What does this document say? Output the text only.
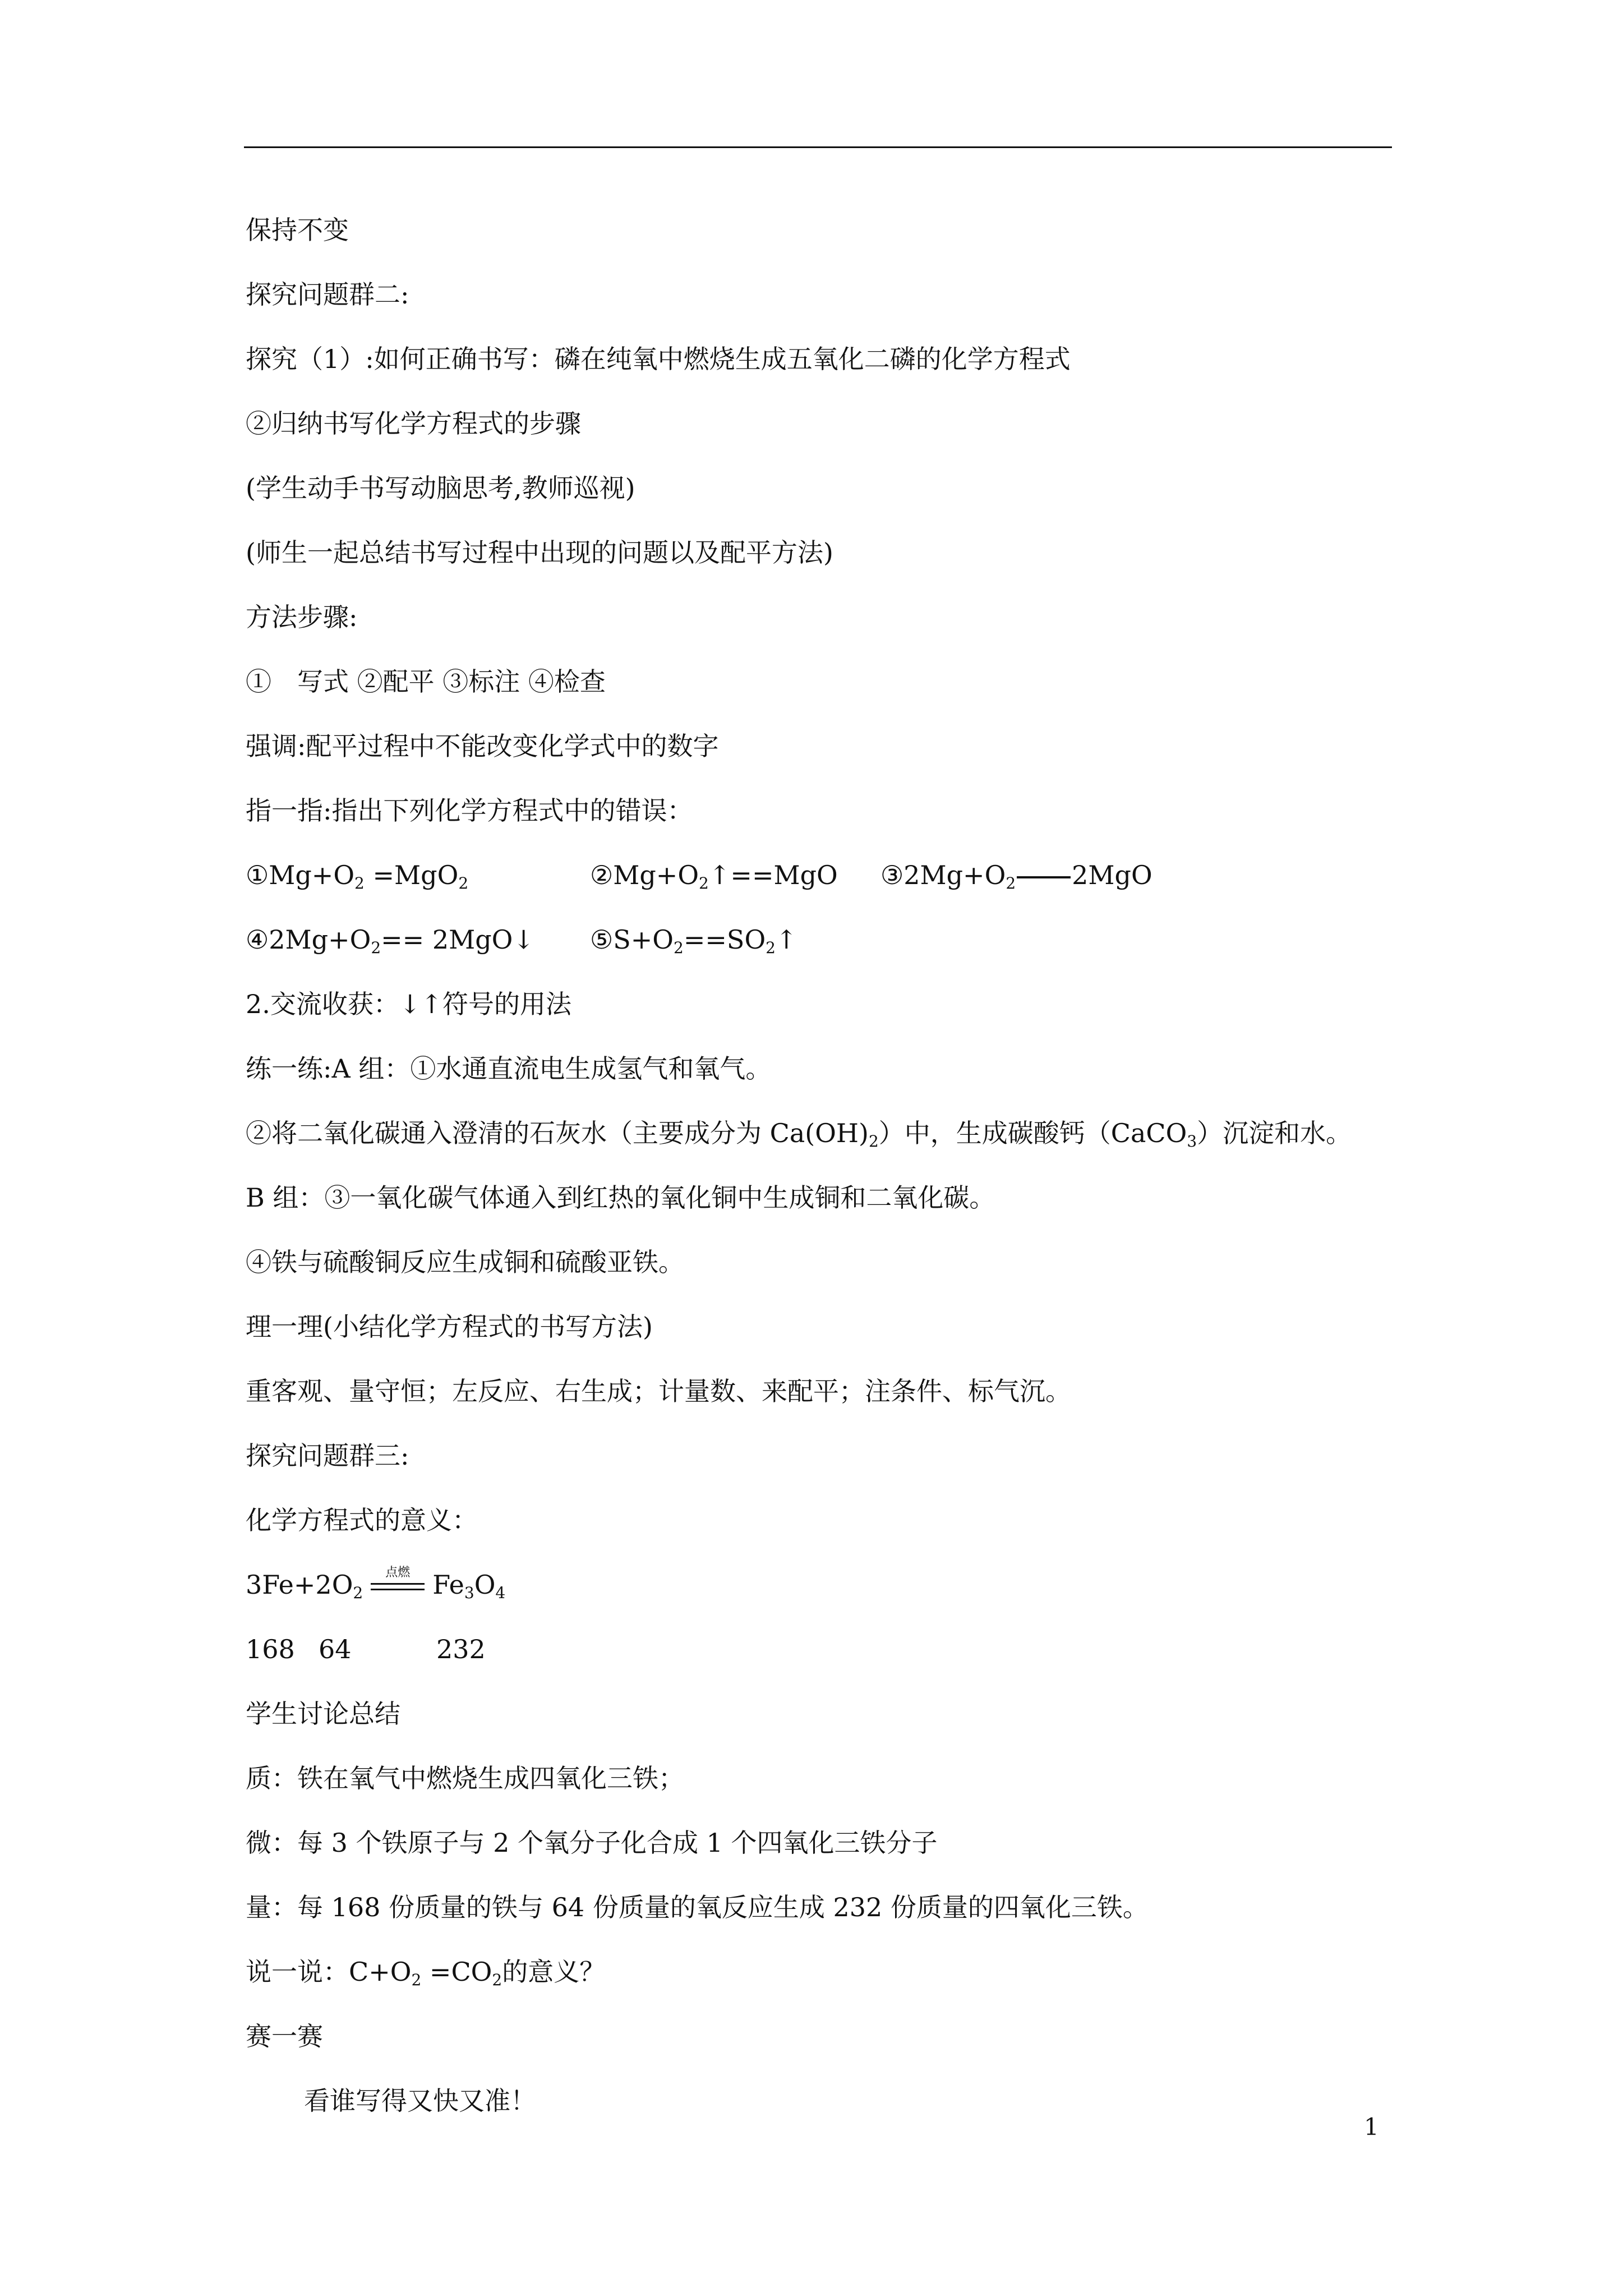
保持不变
探究问题群二:
探究（1）:如何正确书写：磷在纯氧中燃烧生成五氧化二磷的化学方程式
②归纳书写化学方程式的步骤
(学生动手书写动脑思考,教师巡视)
(师生一起总结书写过程中出现的问题以及配平方法)
方法步骤:
①　写式 ②配平 ③标注 ④检查
强调:配平过程中不能改变化学式中的数字
指一指:指出下列化学方程式中的错误：
$①Mg+O_2 =MgO_2$	$②Mg+O_2↑==MgO$ $③2Mg+O_2$ 2MgO
$④2Mg+O_2==$ 2MgO↓ $⑤S+O_2==SO_2↑$
2.交流收获：↓↑符号的用法
练一练:A 组：①水通直流电生成氢气和氧气。
②将二氧化碳通入澄清的石灰水（主要成分为 $Ca(OH)_2$）中，生成碳酸钙（CaCO$_3$）沉淀和水。
B 组：③一氧化碳气体通入到红热的氧化铜中生成铜和二氧化碳。
④铁与硫酸铜反应生成铜和硫酸亚铁。
理一理(小结化学方程式的书写方法)
重客观、量守恒；左反应、右生成；计量数、来配平；注条件、标气沉。
探究问题群三:
化学方程式的意义：
$3Fe+2O_2$
点燃 $Fe_3O_4$
168 64	232
学生讨论总结
质：铁在氧气中燃烧生成四氧化三铁；
微：每 3 个铁原子与 2 个氧分子化合成 1 个四氧化三铁分子
量：每 168 份质量的铁与 64 份质量的氧反应生成 232 份质量的四氧化三铁。
说一说：$C+O_2 =CO_2$的意义？
赛一赛
看谁写得又快又准！
1
